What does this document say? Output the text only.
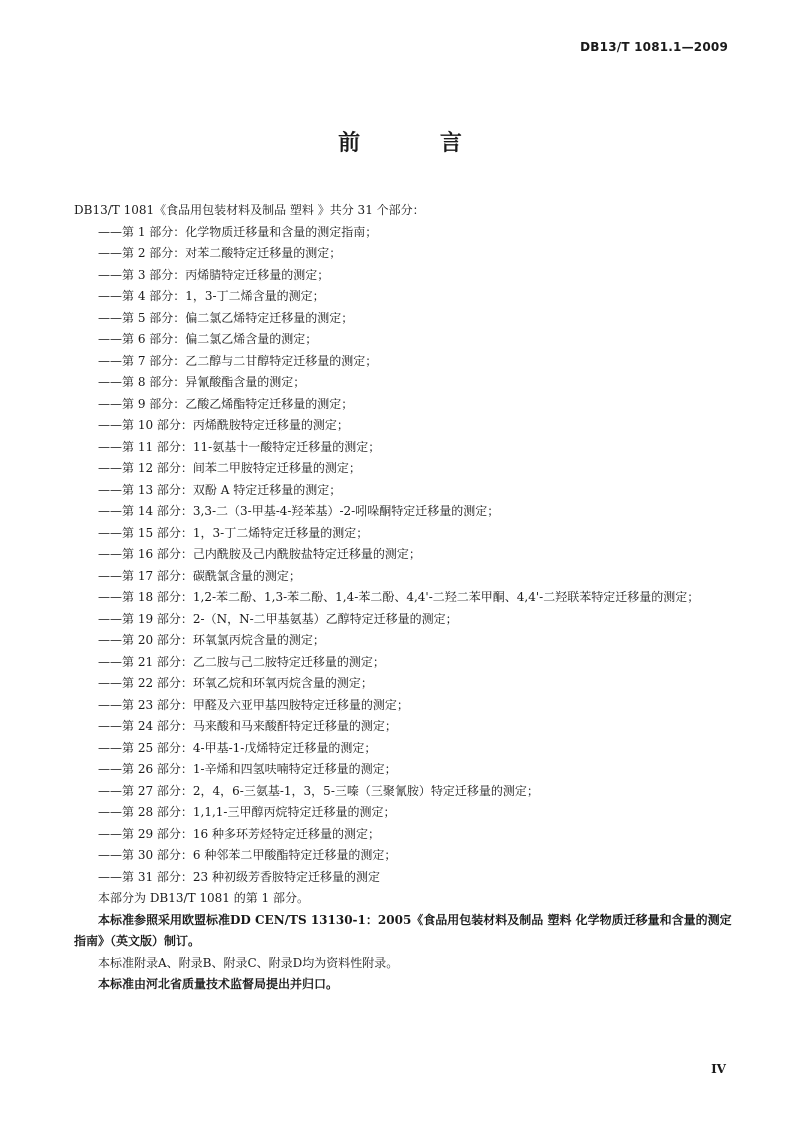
DB13/T 1081.1—2009
前 言
DB13/T 1081《食品用包装材料及制品 塑料 》共分 31 个部分：
——第 1 部分：化学物质迁移量和含量的测定指南；
——第 2 部分：对苯二酸特定迁移量的测定；
——第 3 部分：丙烯腈特定迁移量的测定；
——第 4 部分：1，3-丁二烯含量的测定；
——第 5 部分：偏二氯乙烯特定迁移量的测定；
——第 6 部分：偏二氯乙烯含量的测定；
——第 7 部分：乙二醇与二甘醇特定迁移量的测定；
——第 8 部分：异氰酸酯含量的测定；
——第 9 部分：乙酸乙烯酯特定迁移量的测定；
——第 10 部分：丙烯酰胺特定迁移量的测定；
——第 11 部分：11-氨基十一酸特定迁移量的测定；
——第 12 部分：间苯二甲胺特定迁移量的测定；
——第 13 部分：双酚 A 特定迁移量的测定；
——第 14 部分：3,3-二（3-甲基-4-羟苯基）-2-吲哚酮特定迁移量的测定；
——第 15 部分：1，3-丁二烯特定迁移量的测定；
——第 16 部分：己内酰胺及己内酰胺盐特定迁移量的测定；
——第 17 部分：碳酰氯含量的测定；
——第 18 部分：1,2-苯二酚、1,3-苯二酚、1,4-苯二酚、4,4'-二羟二苯甲酮、4,4'-二羟联苯特定迁移量的测定；
——第 19 部分：2-（N，N-二甲基氨基）乙醇特定迁移量的测定；
——第 20 部分：环氧氯丙烷含量的测定；
——第 21 部分：乙二胺与己二胺特定迁移量的测定；
——第 22 部分：环氧乙烷和环氧丙烷含量的测定；
——第 23 部分：甲醛及六亚甲基四胺特定迁移量的测定；
——第 24 部分：马来酸和马来酸酐特定迁移量的测定；
——第 25 部分：4-甲基-1-戊烯特定迁移量的测定；
——第 26 部分：1-辛烯和四氢呋喃特定迁移量的测定；
——第 27 部分：2，4，6-三氨基-1，3，5-三嗪（三聚氰胺）特定迁移量的测定；
——第 28 部分：1,1,1-三甲醇丙烷特定迁移量的测定；
——第 29 部分：16 种多环芳烃特定迁移量的测定；
——第 30 部分：6 种邻苯二甲酸酯特定迁移量的测定；
——第 31 部分：23 种初级芳香胺特定迁移量的测定
本部分为 DB13/T 1081 的第 1 部分。
本标准参照采用欧盟标准DD CEN/TS 13130-1：2005《食品用包装材料及制品 塑料 化学物质迁移量和含量的测定指南》（英文版）制订。
本标准附录A、附录B、附录C、附录D均为资料性附录。
本标准由河北省质量技术监督局提出并归口。
IV
